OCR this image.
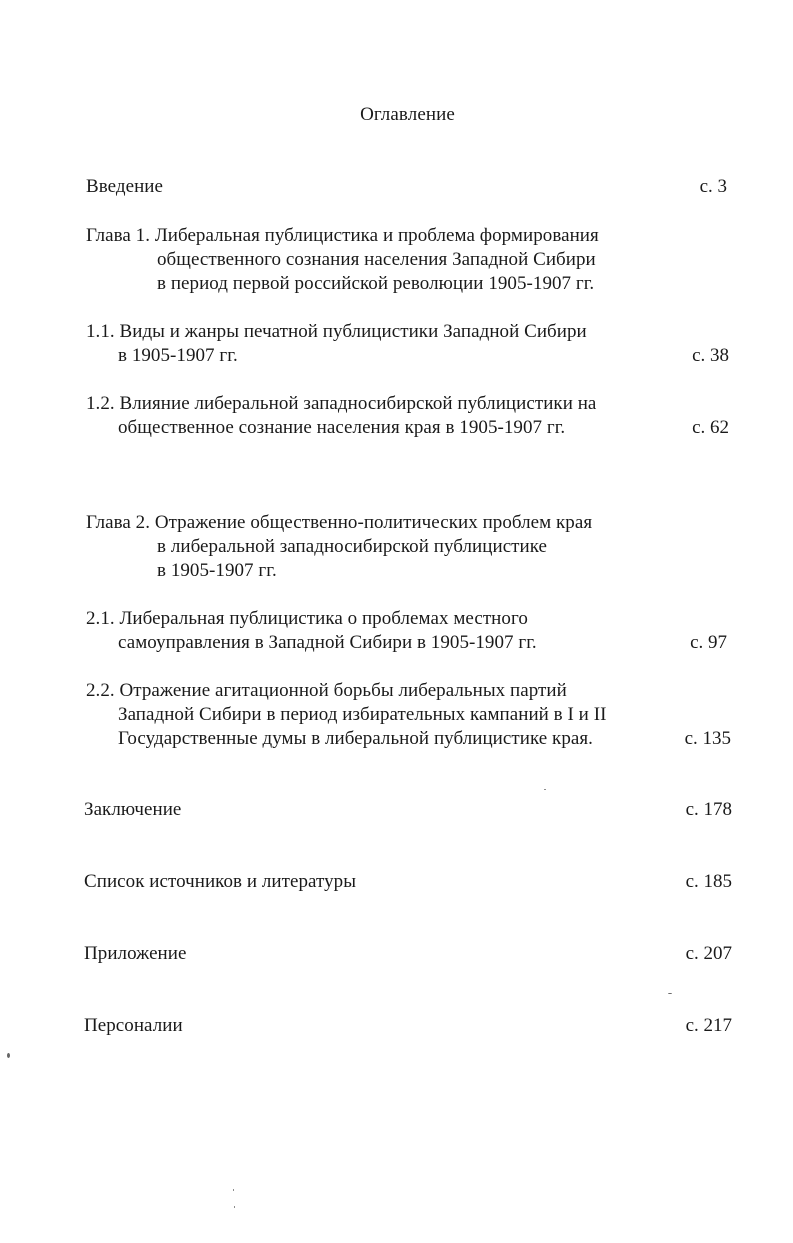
Оглавление
Введение	с. 3
Глава 1. Либеральная публицистика и проблема формирования
общественного сознания населения Западной Сибири
в период первой российской революции 1905-1907 гг.
1.1. Виды и жанры печатной публицистики Западной Сибири
в 1905-1907 гг.	с. 38
1.2. Влияние либеральной западносибирской публицистики на
общественное сознание населения края в 1905-1907 гг.	с. 62
Глава 2. Отражение общественно-политических проблем края
в либеральной западносибирской публицистике
в 1905-1907 гг.
2.1. Либеральная публицистика о проблемах местного
самоуправления в Западной Сибири в 1905-1907 гг.	с. 97
2.2. Отражение агитационной борьбы либеральных партий
Западной Сибири в период избирательных кампаний в I и II
Государственные думы в либеральной публицистике края.	с. 135
Заключение	с. 178
Список источников и литературы	с. 185
Приложение	с. 207
Персоналии	с. 217
